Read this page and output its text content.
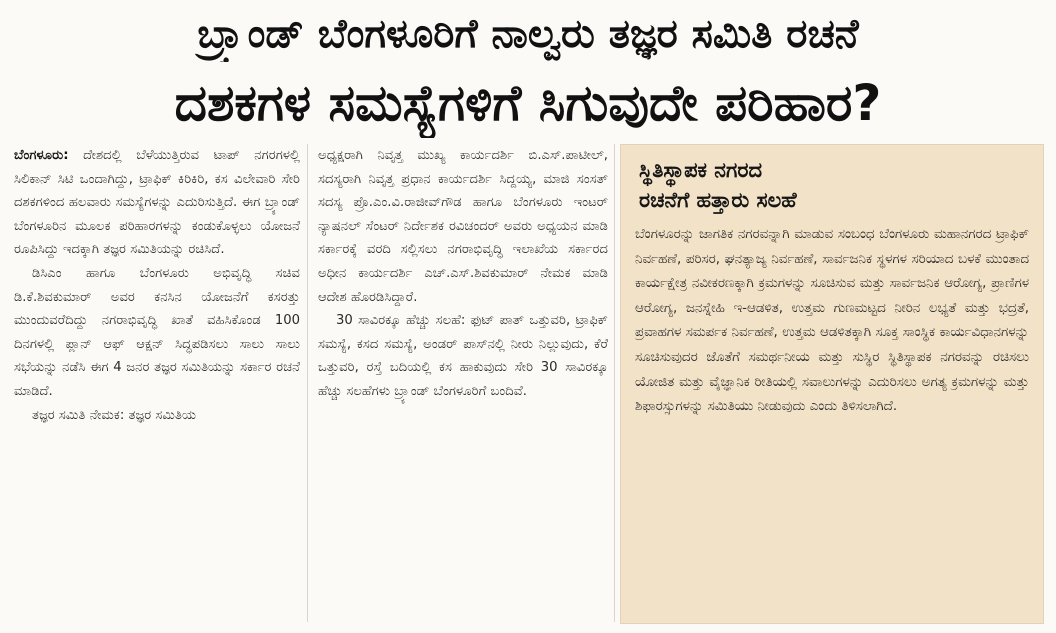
ಬ್ರ್ಯಾಂಡ್ ಬೆಂಗಳೂರಿಗೆ ನಾಲ್ವರು ತಜ್ಞರ ಸಮಿತಿ ರಚನೆ
ದಶಕಗಳ ಸಮಸ್ಯೆಗಳಿಗೆ ಸಿಗುವುದೇ ಪರಿಹಾರ?

ಬೆಂಗಳೂರು: ದೇಶದಲ್ಲಿ ಬೆಳೆಯುತ್ತಿರುವ ಟಾಪ್ ನಗರಗಳಲ್ಲಿ ಸಿಲಿಕಾನ್ ಸಿಟಿ ಒಂದಾಗಿದ್ದು, ಟ್ರಾಫಿಕ್ ಕಿರಿಕಿರಿ, ಕಸ ವಿಲೇವಾರಿ ಸೇರಿ ದಶಕಗಳಿಂದ ಹಲವಾರು ಸಮಸ್ಯೆಗಳನ್ನು ಎದುರಿಸುತ್ತಿದೆ. ಈಗ ಬ್ರ್ಯಾಂಡ್ ಬೆಂಗಳೂರಿನ ಮೂಲಕ ಪರಿಹಾರಗಳನ್ನು ಕಂಡುಕೊಳ್ಳಲು ಯೋಜನೆ ರೂಪಿಸಿದ್ದು ಇದಕ್ಕಾಗಿ ತಜ್ಞರ ಸಮಿತಿಯನ್ನು ರಚಿಸಿದೆ.

ಡಿಸಿಎಂ ಹಾಗೂ ಬೆಂಗಳೂರು ಅಭಿವೃದ್ಧಿ ಸಚಿವ ಡಿ.ಕೆ.ಶಿವಕುಮಾರ್ ಅವರ ಕನಸಿನ ಯೋಜನೆಗೆ ಕಸರತ್ತು ಮುಂದುವರೆದಿದ್ದು ನಗರಾಭಿವೃದ್ಧಿ ಖಾತೆ ವಹಿಸಿಕೊಂಡ 100 ದಿನಗಳಲ್ಲಿ ಪ್ಲಾನ್ ಆಫ್ ಆಕ್ಷನ್ ಸಿದ್ಧಪಡಿಸಲು ಸಾಲು ಸಾಲು ಸಭೆಯನ್ನು ನಡೆಸಿ ಈಗ 4 ಜನರ ತಜ್ಞರ ಸಮಿತಿಯನ್ನು ಸರ್ಕಾರ ರಚನೆ ಮಾಡಿದೆ.

ತಜ್ಞರ ಸಮಿತಿ ನೇಮಕ: ತಜ್ಞರ ಸಮಿತಿಯ

ಅಧ್ಯಕ್ಷರಾಗಿ ನಿವೃತ್ತ ಮುಖ್ಯ ಕಾರ್ಯದರ್ಶಿ ಬಿ.ಎಸ್.ಪಾಟೀಲ್, ಸದಸ್ಯರಾಗಿ ನಿವೃತ್ತ ಪ್ರಧಾನ ಕಾರ್ಯದರ್ಶಿ ಸಿದ್ದಯ್ಯ, ಮಾಜಿ ಸಂಸತ್ ಸದಸ್ಯ ಪ್ರೊ.ಎಂ.ವಿ.ರಾಜೀವ್‌ಗೌಡ ಹಾಗೂ ಬೆಂಗಳೂರು ಇಂಟರ್ ನ್ಯಾಷನಲ್ ಸೆಂಟರ್ ನಿರ್ದೇಶಕ ರವಿಚಂದರ್ ಅವರು ಅಧ್ಯಯನ ಮಾಡಿ ಸರ್ಕಾರಕ್ಕೆ ವರದಿ ಸಲ್ಲಿಸಲು ನಗರಾಭಿವೃದ್ಧಿ ಇಲಾಖೆಯ ಸರ್ಕಾರದ ಅಧೀನ ಕಾರ್ಯದರ್ಶಿ ಎಚ್.ಎಸ್.ಶಿವಕುಮಾರ್ ನೇಮಕ ಮಾಡಿ ಆದೇಶ ಹೊರಡಿಸಿದ್ದಾರೆ.

30 ಸಾವಿರಕ್ಕೂ ಹೆಚ್ಚು ಸಲಹೆ: ಫುಟ್ ಪಾತ್ ಒತ್ತುವರಿ, ಟ್ರಾಫಿಕ್ ಸಮಸ್ಯೆ, ಕಸದ ಸಮಸ್ಯೆ, ಅಂಡರ್ ಪಾಸ್‌ನಲ್ಲಿ ನೀರು ನಿಲ್ಲುವುದು, ಕೆರೆ ಒತ್ತುವರಿ, ರಸ್ತೆ ಬದಿಯಲ್ಲಿ ಕಸ ಹಾಕುವುದು ಸೇರಿ 30 ಸಾವಿರಕ್ಕೂ ಹೆಚ್ಚು ಸಲಹೆಗಳು ಬ್ರ್ಯಾಂಡ್ ಬೆಂಗಳೂರಿಗೆ ಬಂದಿವೆ.

ಸ್ಥಿತಿಸ್ಥಾಪಕ ನಗರದ
ರಚನೆಗೆ ಹತ್ತಾರು ಸಲಹೆ

ಬೆಂಗಳೂರನ್ನು ಜಾಗತಿಕ ನಗರವನ್ನಾಗಿ ಮಾಡುವ ಸಂಬಂಧ ಬೆಂಗಳೂರು ಮಹಾನಗರದ ಟ್ರಾಫಿಕ್ ನಿರ್ವಹಣೆ, ಪರಿಸರ, ಘನತ್ಯಾಜ್ಯ ನಿರ್ವಹಣೆ, ಸಾರ್ವಜನಿಕ ಸ್ಥಳಗಳ ಸರಿಯಾದ ಬಳಕೆ ಮುಂತಾದ ಕಾರ್ಯಕ್ಷೇತ್ರ ನವೀಕರಣಕ್ಕಾಗಿ ಕ್ರಮಗಳನ್ನು ಸೂಚಿಸುವ ಮತ್ತು ಸಾರ್ವಜನಿಕ ಆರೋಗ್ಯ, ಪ್ರಾಣಿಗಳ ಆರೋಗ್ಯ, ಜನಸ್ನೇಹಿ ಇ-ಆಡಳಿತ, ಉತ್ತಮ ಗುಣಮಟ್ಟದ ನೀರಿನ ಲಭ್ಯತೆ ಮತ್ತು ಭದ್ರತೆ, ಪ್ರವಾಹಗಳ ಸಮರ್ಪಕ ನಿರ್ವಹಣೆ, ಉತ್ತಮ ಆಡಳಿತಕ್ಕಾಗಿ ಸೂಕ್ತ ಸಾಂಸ್ಥಿಕ ಕಾರ್ಯವಿಧಾನಗಳನ್ನು ಸೂಚಿಸುವುದರ ಜೊತೆಗೆ ಸಮರ್ಥನೀಯ ಮತ್ತು ಸುಸ್ಥಿರ ಸ್ಥಿತಿಸ್ಥಾಪಕ ನಗರವನ್ನು ರಚಿಸಲು ಯೋಜಿತ ಮತ್ತು ವೈಜ್ಞಾನಿಕ ರೀತಿಯಲ್ಲಿ ಸವಾಲುಗಳನ್ನು ಎದುರಿಸಲು ಅಗತ್ಯ ಕ್ರಮಗಳನ್ನು ಮತ್ತು ಶಿಫಾರಸ್ಸುಗಳನ್ನು ಸಮಿತಿಯು ನೀಡುವುದು ಎಂದು ತಿಳಿಸಲಾಗಿದೆ.
